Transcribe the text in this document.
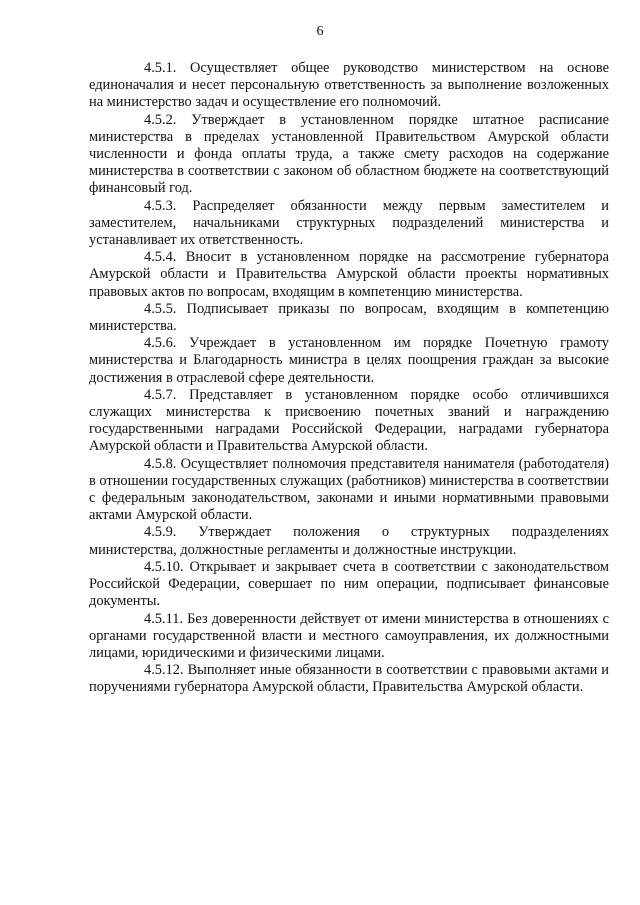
6

4.5.1. Осуществляет общее руководство министерством на основе единоначалия и несет персональную ответственность за выполнение возложенных на министерство задач и осуществление его полномочий.

4.5.2. Утверждает в установленном порядке штатное расписание министерства в пределах установленной Правительством Амурской области численности и фонда оплаты труда, а также смету расходов на содержание министерства в соответствии с законом об областном бюджете на соответствующий финансовый год.

4.5.3. Распределяет обязанности между первым заместителем и заместителем, начальниками структурных подразделений министерства и устанавливает их ответственность.

4.5.4. Вносит в установленном порядке на рассмотрение губернатора Амурской области и Правительства Амурской области проекты нормативных правовых актов по вопросам, входящим в компетенцию министерства.

4.5.5. Подписывает приказы по вопросам, входящим в компетенцию министерства.

4.5.6. Учреждает в установленном им порядке Почетную грамоту министерства и Благодарность министра в целях поощрения граждан за высокие достижения в отраслевой сфере деятельности.

4.5.7. Представляет в установленном порядке особо отличившихся служащих министерства к присвоению почетных званий и награждению государственными наградами Российской Федерации, наградами губернатора Амурской области и Правительства Амурской области.

4.5.8. Осуществляет полномочия представителя нанимателя (работодателя) в отношении государственных служащих (работников) министерства в соответствии с федеральным законодательством, законами и иными нормативными правовыми актами Амурской области.

4.5.9. Утверждает положения о структурных подразделениях министерства, должностные регламенты и должностные инструкции.

4.5.10. Открывает и закрывает счета в соответствии с законодательством Российской Федерации, совершает по ним операции, подписывает финансовые документы.

4.5.11. Без доверенности действует от имени министерства в отношениях с органами государственной власти и местного самоуправления, их должностными лицами, юридическими и физическими лицами.

4.5.12. Выполняет иные обязанности в соответствии с правовыми актами и поручениями губернатора Амурской области, Правительства Амурской области.
